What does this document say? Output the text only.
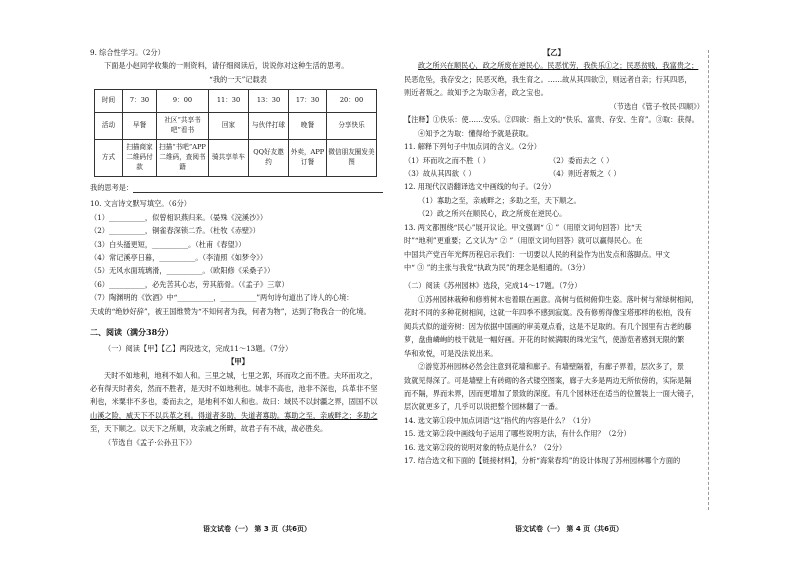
9. 综合性学习。（2分）
下面是小赵同学收集的一则资料，请仔细阅读后，说说你对这种生活的思考。
“我的一天”记载表
时间	7：30	9：00	11：30	13：30	17：30	20：00
活动	早餐	社区“共享书吧”看书	回家	与伙伴打球	晚餐	分享快乐
方式	扫描商家二维码付款	扫描“书吧”APP二维码，查阅书籍	骑共享单车	QQ好友邀约	外卖，APP订餐	微信朋友圈发美图
我的思考是：
10. 文言诗文默写填空。（6分）
（1）__________，似曾相识燕归来。（晏殊《浣溪沙》）
（2）__________，铜雀春深锁二乔。（杜牧《赤壁》）
（3）白头搔更短，__________。（杜甫《春望》）
（4）常记溪亭日暮，__________。（李清照《如梦令》）
（5）无风水面琉璃滑，__________。（欧阳修《采桑子》）
（6）__________，必先苦其心志，劳其筋骨。（《孟子》三章）
（7）陶渊明的《饮酒》中“__________，__________”两句诗句道出了诗人的心境：
天成的“绝妙好辞”，被王国维赞为“不知何者为我，何者为物”，达到了物我合一的化境。
二、阅读（满分38分）
（一）阅读【甲】【乙】两段选文，完成11～13题。（7分）
【甲】
天时不如地利，地利不如人和。三里之城，七里之郭，环而攻之而不胜。夫环而攻之，
必有得天时者矣，然而不胜者，是天时不如地利也。城非不高也，池非不深也，兵革非不坚
利也，米粟非不多也，委而去之，是地利不如人和也。故曰：域民不以封疆之界，固国不以
山溪之险，威天下不以兵革之利。得道者多助，失道者寡助。寡助之至，亲戚畔之；多助之
至，天下顺之。以天下之所顺，攻亲戚之所畔，故君子有不战，战必胜矣。
（节选自《孟子·公孙丑下》）
语文试卷（一） 第 3 页（共6页）
【乙】
政之所兴在顺民心，政之所废在逆民心。民恶忧劳，我佚乐①之；民恶贫贱，我富贵之；
民恶危坠，我存安之；民恶灭绝，我生育之。……故从其四欲②，则远者自亲；行其四恶，
则近者叛之。故知予之为取③者，政之宝也。
（节选自《管子·牧民·四顺》）
【注释】①佚乐：使……安乐。②四欲：指上文的“佚乐、富贵、存安、生育”。③取：获得。
④知予之为取：懂得给予就是获取。
11. 解释下列句子中加点词的含义。（2分）
（1）环而攻之而不胜（ ）	（2）委而去之（ ）
（3）故从其四欲（ ）	（4）则近者叛之（ ）
12. 用现代汉语翻译选文中画线的句子。（2分）
（1）寡助之至，亲戚畔之；多助之至，天下顺之。
（2）政之所兴在顺民心，政之所废在逆民心。
13. 两文都围绕“民心”展开议论。甲文强调“ ① ”（用原文词句回答）比“天
时”“地利”更重要；乙文认为“ ② ”（用原文词句回答）就可以赢得民心。在
中国共产党百年光辉历程启示我们：一切要以人民的利益作为出发点和落脚点。甲文
中“ ③ ”的主张与我党“执政为民”的理念是相通的。（3分）
（二）阅读《苏州园林》选段，完成14～17题。（7分）
①苏州园林栽种和修剪树木也着眼在画意。高树与低树俯仰生姿。落叶树与常绿树相间，
花时不同的多种花树相间，这就一年四季不感到寂寞。没有修剪得像宝塔那样的松柏，没有
阅兵式似的道旁树：因为依据中国画的审美观点看，这是不足取的。有几个园里有古老的藤
萝，盘曲嶙峋的枝干就是一幅好画。开花的时候满眼的珠光宝气，使游览者感到无限的繁
华和欢悦，可是没法说出来。
②游览苏州园林必然会注意到花墙和廊子。有墙壁隔着，有廊子界着，层次多了，景
致就见得深了。可是墙壁上有砖砌的各式镂空图案，廊子大多是两边无所依傍的，实际是隔
而不隔，界而未界，因而更增加了景致的深度。有几个园林还在适当的位置装上一面大镜子，
层次就更多了，几乎可以说把整个园林翻了一番。
14. 选文第①段中加点词语“这”指代的内容是什么？（1分）
15. 选文第②段中画线句子运用了哪些说明方法，有什么作用？（2分）
16. 选文第②段的说明对象的特点是什么？（2分）
17. 结合选文和下面的【链接材料】，分析“海棠春坞”的设计体现了苏州园林哪个方面的
语文试卷（一） 第 4 页（共6页）
